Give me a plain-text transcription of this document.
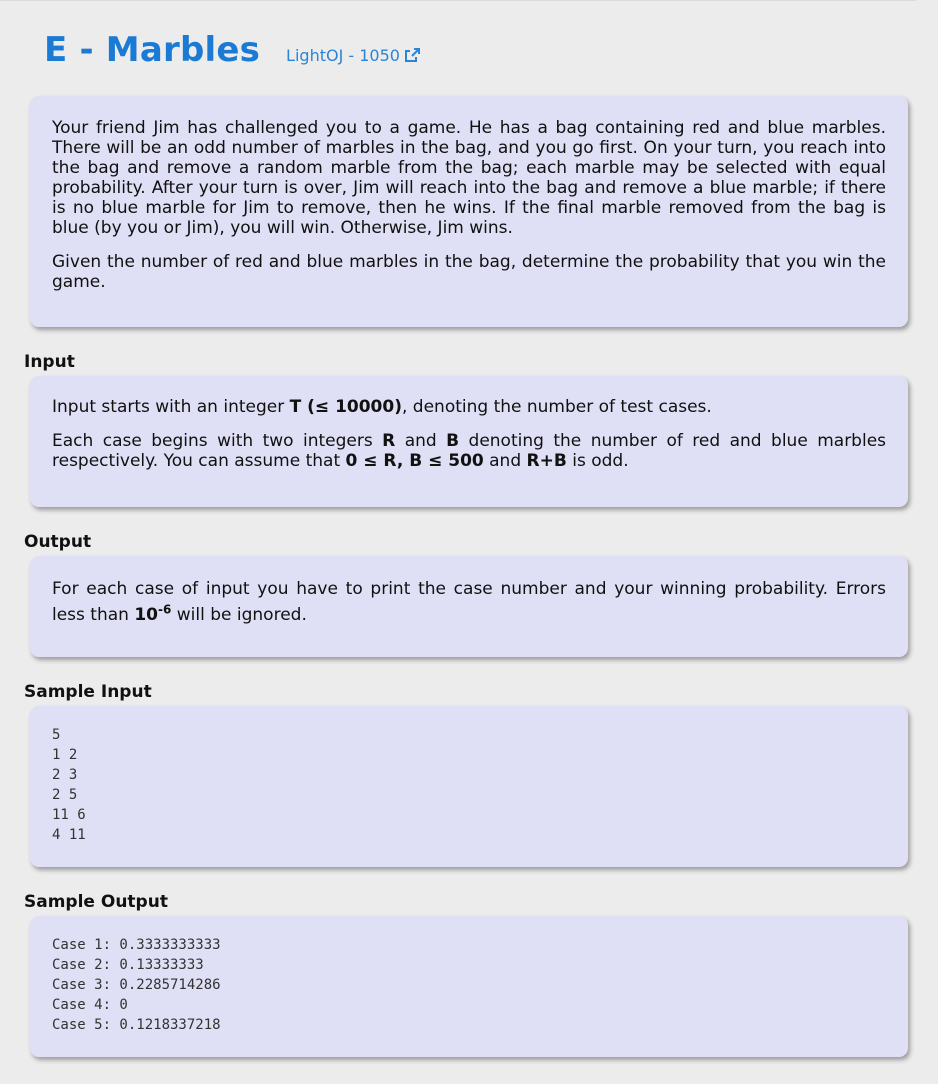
E - Marbles LightOJ - 1050

Your friend Jim has challenged you to a game. He has a bag containing red and blue marbles. There will be an odd number of marbles in the bag, and you go first. On your turn, you reach into the bag and remove a random marble from the bag; each marble may be selected with equal probability. After your turn is over, Jim will reach into the bag and remove a blue marble; if there is no blue marble for Jim to remove, then he wins. If the final marble removed from the bag is blue (by you or Jim), you will win. Otherwise, Jim wins.

Given the number of red and blue marbles in the bag, determine the probability that you win the game.

Input

Input starts with an integer T (≤ 10000), denoting the number of test cases.

Each case begins with two integers R and B denoting the number of red and blue marbles respectively. You can assume that 0 ≤ R, B ≤ 500 and R+B is odd.

Output

For each case of input you have to print the case number and your winning probability. Errors less than $10^{-6}$ will be ignored.

Sample Input
5
1 2
2 3
2 5
11 6
4 11
Sample Output
Case 1: 0.3333333333
Case 2: 0.13333333
Case 3: 0.2285714286
Case 4: 0
Case 5: 0.1218337218
